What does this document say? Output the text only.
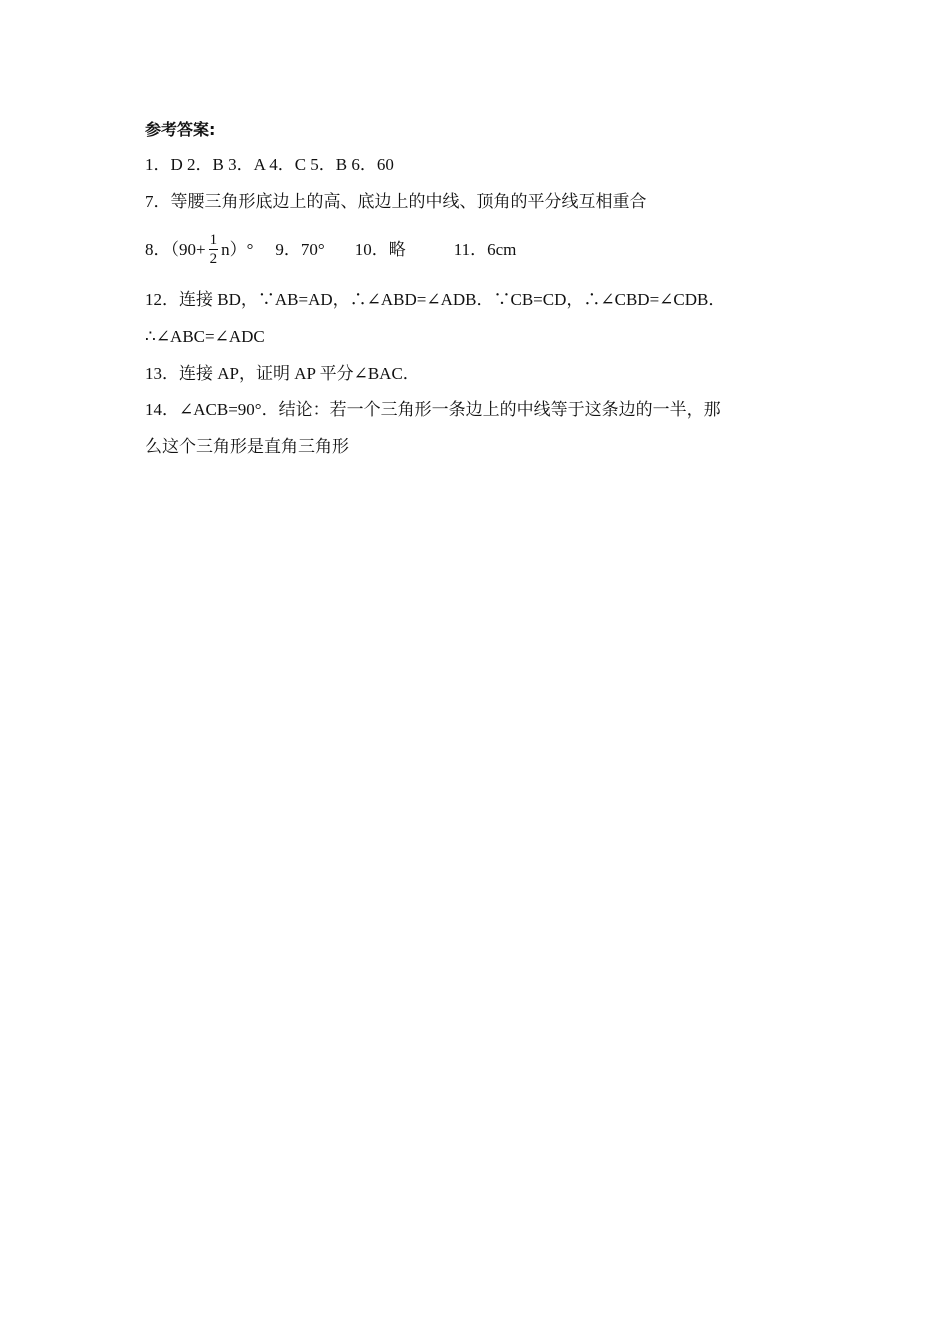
参考答案:
1．D 2．B 3．A 4．C 5．B 6．60
7．等腰三角形底边上的高、底边上的中线、顶角的平分线互相重合
8．$(90+ \frac{1}{2} n)^\circ$ 9．70° 10．略	11．6cm
12．连接 BD，∵AB=AD，∴∠ABD=∠ADB．∵CB=CD，∴∠CBD=∠CDB．
∴∠ABC=∠ADC
13．连接 AP，证明 AP 平分∠BAC．
14．∠ACB=90°．结论：若一个三角形一条边上的中线等于这条边的一半，那
么这个三角形是直角三角形
